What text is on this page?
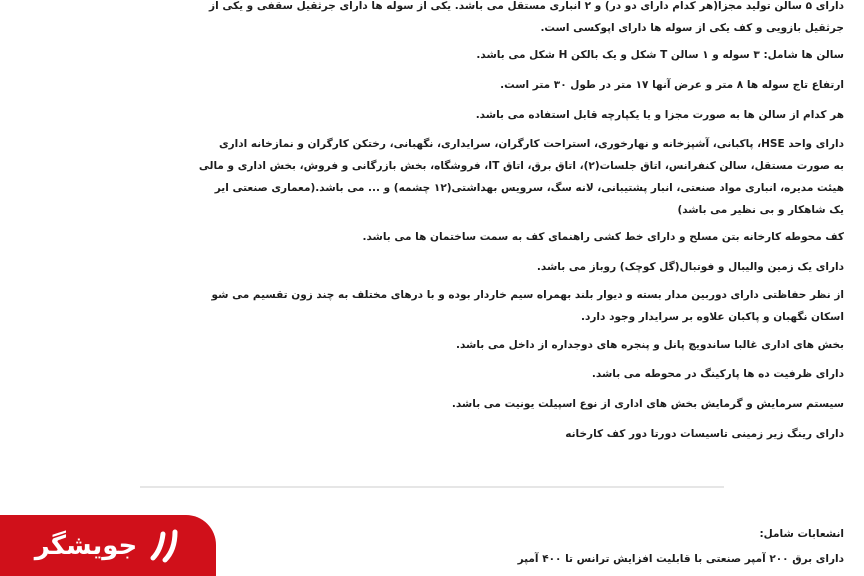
دارای ۵ سالن تولید مجزا(هر کدام دارای دو در) و ۲ انباری مستقل می باشد. یکی از سوله ها دارای جرثقیل سقفی و یکی از
جرثقیل بازویی و کف یکی از سوله ها دارای اپوکسی است.
سالن ها شامل: ۳ سوله و ۱ سالن T شکل و یک بالکن H شکل می باشد.
ارتفاع تاج سوله ها ۸ متر و عرض آنها ۱۷ متر در طول ۳۰ متر است.
هر کدام از سالن ها به صورت مجزا و یا یکپارچه قابل استفاده می باشد.
دارای واحد HSE، پاکبانی، آشپزخانه و نهارخوری، استراحت کارگران، سرایداری، نگهبانی، رختکن کارگران و نمازخانه اداری
به صورت مستقل، سالن کنفرانس، اتاق جلسات(۲)، اتاق برق، اتاق IT، فروشگاه، بخش بازرگانی و فروش، بخش اداری و مالی
هیئت مدیره، انباری مواد صنعتی، انبار پشتیبانی، لانه سگ، سرویس بهداشتی(۱۲ چشمه) و ... می باشد.(معماری صنعتی ایر
یک شاهکار و بی نظیر می باشد)
کف محوطه کارخانه بتن مسلح و دارای خط کشی راهنمای کف به سمت ساختمان ها می باشد.
دارای یک زمین والیبال و فوتبال(گل کوچک) روباز می باشد.
از نظر حفاظتی دارای دوربین مدار بسته و دیوار بلند بهمراه سیم خاردار بوده و با درهای مختلف به چند زون تقسیم می شو
اسکان نگهبان و پاکبان علاوه بر سرایدار وجود دارد.
بخش های اداری غالبا ساندویچ پانل و پنجره های دوجداره از داخل می باشد.
دارای ظرفیت ده ها پارکینگ در محوطه می باشد.
سیستم سرمایش و گرمایش بخش های اداری از نوع اسپیلت یونیت می باشد.
دارای رینگ زیر زمینی تاسیسات دورتا دور کف کارخانه
انشعابات شامل:
دارای برق ۲۰۰ آمپر صنعتی با قابلیت افزایش ترانس تا ۴۰۰ آمپر
جویشگر
